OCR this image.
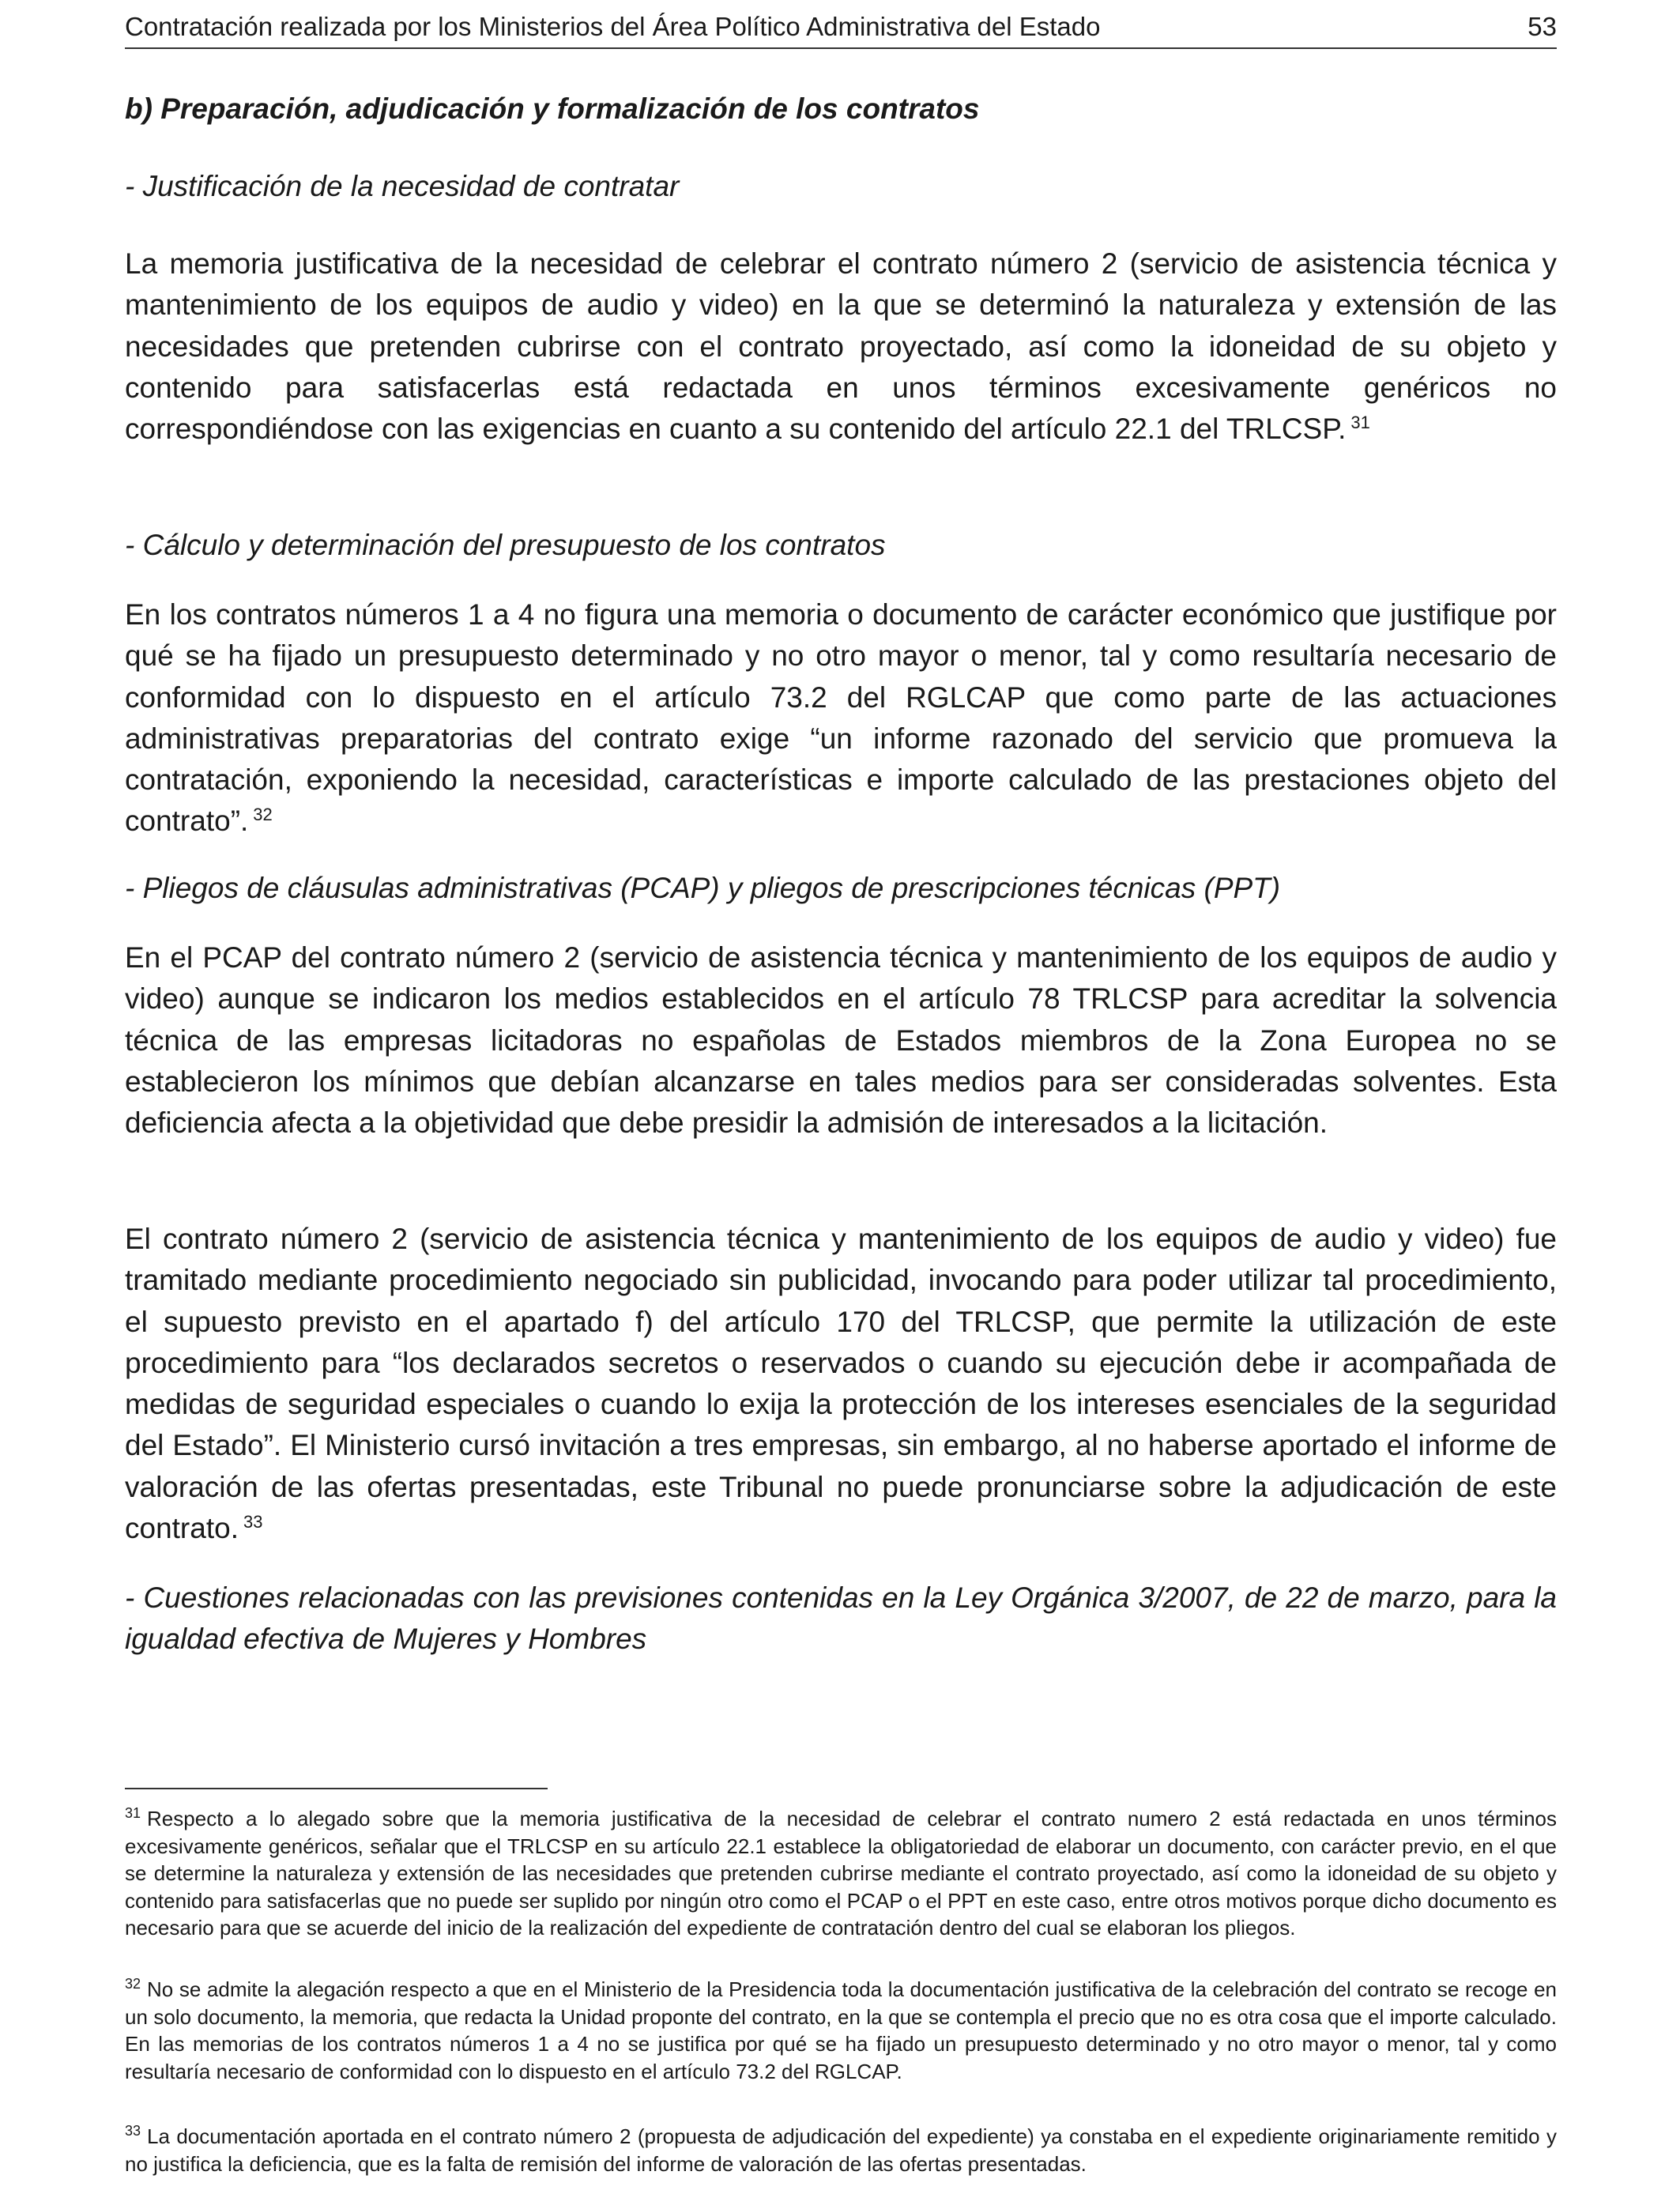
Contratación realizada por los Ministerios del Área Político Administrativa del Estado	53

b) Preparación, adjudicación y formalización de los contratos

- Justificación de la necesidad de contratar

La memoria justificativa de la necesidad de celebrar el contrato número 2 (servicio de asistencia técnica y mantenimiento de los equipos de audio y video) en la que se determinó la naturaleza y extensión de las necesidades que pretenden cubrirse con el contrato proyectado, así como la idoneidad de su objeto y contenido para satisfacerlas está redactada en unos términos excesivamente genéricos no correspondiéndose con las exigencias en cuanto a su contenido del artículo 22.1 del TRLCSP. $^{31}$

- Cálculo y determinación del presupuesto de los contratos

En los contratos números 1 a 4 no figura una memoria o documento de carácter económico que justifique por qué se ha fijado un presupuesto determinado y no otro mayor o menor, tal y como resultaría necesario de conformidad con lo dispuesto en el artículo 73.2 del RGLCAP que como parte de las actuaciones administrativas preparatorias del contrato exige “un informe razonado del servicio que promueva la contratación, exponiendo la necesidad, características e importe calculado de las prestaciones objeto del contrato”. $^{32}$

- Pliegos de cláusulas administrativas (PCAP) y pliegos de prescripciones técnicas (PPT)

En el PCAP del contrato número 2 (servicio de asistencia técnica y mantenimiento de los equipos de audio y video) aunque se indicaron los medios establecidos en el artículo 78 TRLCSP para acreditar la solvencia técnica de las empresas licitadoras no españolas de Estados miembros de la Zona Europea no se establecieron los mínimos que debían alcanzarse en tales medios para ser consideradas solventes. Esta deficiencia afecta a la objetividad que debe presidir la admisión de interesados a la licitación.

El contrato número 2 (servicio de asistencia técnica y mantenimiento de los equipos de audio y video) fue tramitado mediante procedimiento negociado sin publicidad, invocando para poder utilizar tal procedimiento, el supuesto previsto en el apartado f) del artículo 170 del TRLCSP, que permite la utilización de este procedimiento para “los declarados secretos o reservados o cuando su ejecución debe ir acompañada de medidas de seguridad especiales o cuando lo exija la protección de los intereses esenciales de la seguridad del Estado”. El Ministerio cursó invitación a tres empresas, sin embargo, al no haberse aportado el informe de valoración de las ofertas presentadas, este Tribunal no puede pronunciarse sobre la adjudicación de este contrato. $^{33}$

- Cuestiones relacionadas con las previsiones contenidas en la Ley Orgánica 3/2007, de 22 de marzo, para la igualdad efectiva de Mujeres y Hombres

$^{31}$ Respecto a lo alegado sobre que la memoria justificativa de la necesidad de celebrar el contrato numero 2 está redactada en unos términos excesivamente genéricos, señalar que el TRLCSP en su artículo 22.1 establece la obligatoriedad de elaborar un documento, con carácter previo, en el que se determine la naturaleza y extensión de las necesidades que pretenden cubrirse mediante el contrato proyectado, así como la idoneidad de su objeto y contenido para satisfacerlas que no puede ser suplido por ningún otro como el PCAP o el PPT en este caso, entre otros motivos porque dicho documento es necesario para que se acuerde del inicio de la realización del expediente de contratación dentro del cual se elaboran los pliegos.

$^{32}$ No se admite la alegación respecto a que en el Ministerio de la Presidencia toda la documentación justificativa de la celebración del contrato se recoge en un solo documento, la memoria, que redacta la Unidad proponte del contrato, en la que se contempla el precio que no es otra cosa que el importe calculado. En las memorias de los contratos números 1 a 4 no se justifica por qué se ha fijado un presupuesto determinado y no otro mayor o menor, tal y como resultaría necesario de conformidad con lo dispuesto en el artículo 73.2 del RGLCAP.

$^{33}$ La documentación aportada en el contrato número 2 (propuesta de adjudicación del expediente) ya constaba en el expediente originariamente remitido y no justifica la deficiencia, que es la falta de remisión del informe de valoración de las ofertas presentadas.
